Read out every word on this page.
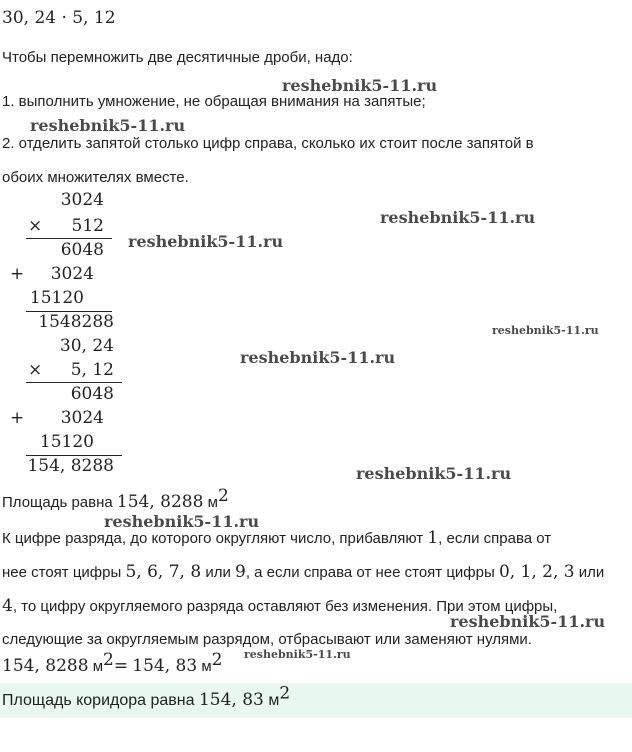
30, 24 · 5, 12
Чтобы перемножить две десятичные дроби, надо:
1. выполнить умножение, не обращая внимания на запятые;
2. отделить запятой столько цифр справа, сколько их стоит после запятой в
обоих множителях вместе.
3024
× 512
6048
+ 3024
15120
1548288
30, 24
× 5, 12
6048
+ 3024
15120
154, 8288
Площадь равна 154, 8288 $м^2$
К цифре разряда, до которого округляют число, прибавляют 1, если справа от
нее стоят цифры 5, 6, 7, 8 или 9, а если справа от нее стоят цифры 0, 1, 2, 3 или
4, то цифру округляемого разряда оставляют без изменения. При этом цифры,
следующие за округляемым разрядом, отбрасывают или заменяют нулями.
154, 8288 $м^2= 154$, 83 $м^2$
Площадь коридора равна 154, 83 $м^2$
reshebnik5-11.ru
reshebnik5-11.ru
reshebnik5-11.ru
reshebnik5-11.ru
reshebnik5-11.ru
reshebnik5-11.ru
reshebnik5-11.ru
reshebnik5-11.ru
reshebnik5-11.ru
reshebnik5-11.ru
